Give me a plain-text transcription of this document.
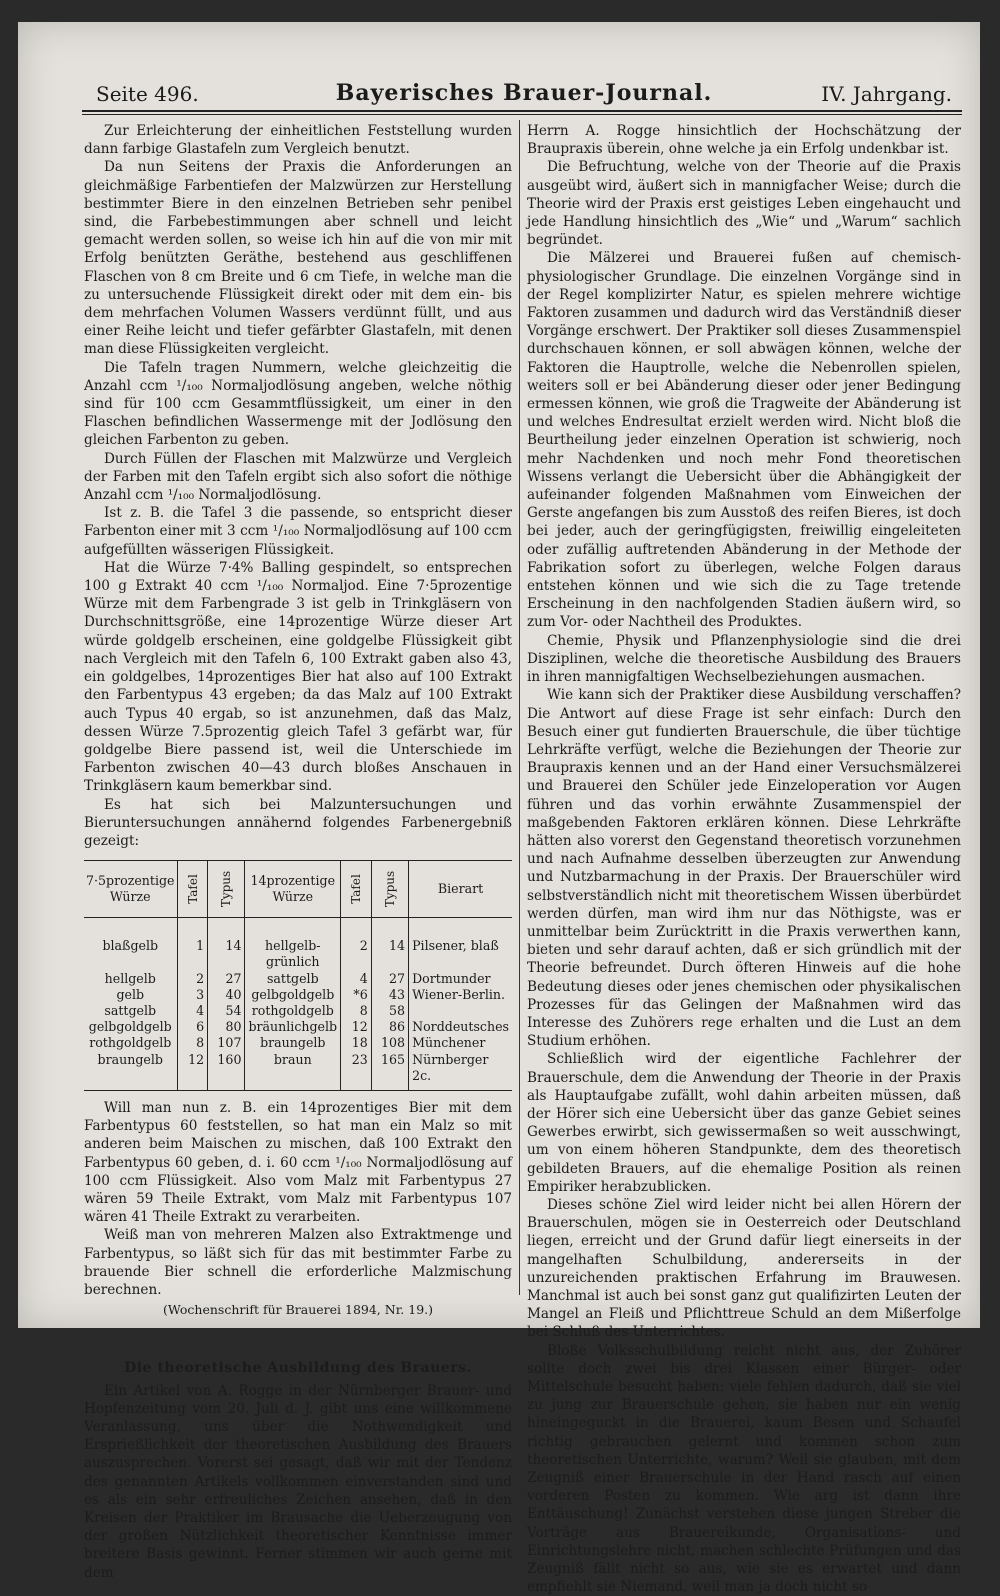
Seite 496.	Bayerisches Brauer-Journal.	IV. Jahrgang.

Zur Erleichterung der einheitlichen Feststellung wurden dann farbige Glastafeln zum Vergleich benutzt.

Da nun Seitens der Praxis die Anforderungen an gleichmäßige Farbentiefen der Malzwürzen zur Herstellung bestimmter Biere in den einzelnen Betrieben sehr penibel sind, die Farbebestimmungen aber schnell und leicht gemacht werden sollen, so weise ich hin auf die von mir mit Erfolg benützten Geräthe, bestehend aus geschliffenen Flaschen von 8 cm Breite und 6 cm Tiefe, in welche man die zu untersuchende Flüssigkeit direkt oder mit dem ein- bis dem mehrfachen Volumen Wassers verdünnt füllt, und aus einer Reihe leicht und tiefer gefärbter Glastafeln, mit denen man diese Flüssigkeiten vergleicht.

Die Tafeln tragen Nummern, welche gleichzeitig die Anzahl ccm ¹/₁₀₀ Normaljodlösung angeben, welche nöthig sind für 100 ccm Gesammtflüssigkeit, um einer in den Flaschen befindlichen Wassermenge mit der Jodlösung den gleichen Farbenton zu geben.

Durch Füllen der Flaschen mit Malzwürze und Vergleich der Farben mit den Tafeln ergibt sich also sofort die nöthige Anzahl ccm ¹/₁₀₀ Normaljodlösung.

Ist z. B. die Tafel 3 die passende, so entspricht dieser Farbenton einer mit 3 ccm ¹/₁₀₀ Normaljodlösung auf 100 ccm aufgefüllten wässerigen Flüssigkeit.

Hat die Würze 7·4% Balling gespindelt, so entsprechen 100 g Extrakt 40 ccm ¹/₁₀₀ Normaljod. Eine 7·5prozentige Würze mit dem Farbengrade 3 ist gelb in Trinkgläsern von Durchschnittsgröße, eine 14prozentige Würze dieser Art würde goldgelb erscheinen, eine goldgelbe Flüssigkeit gibt nach Vergleich mit den Tafeln 6, 100 Extrakt gaben also 43, ein goldgelbes, 14prozentiges Bier hat also auf 100 Extrakt den Farbentypus 43 ergeben; da das Malz auf 100 Extrakt auch Typus 40 ergab, so ist anzunehmen, daß das Malz, dessen Würze 7.5prozentig gleich Tafel 3 gefärbt war, für goldgelbe Biere passend ist, weil die Unterschiede im Farbenton zwischen 40—43 durch bloßes Anschauen in Trinkgläsern kaum bemerkbar sind.

Es hat sich bei Malzuntersuchungen und Bieruntersuchungen annähernd folgendes Farbenergebniß gezeigt:

7·5prozentige Würze	Tafel	Typus	14prozentige Würze	Tafel	Typus	Bierart
blaßgelb	1	14	hellgelb-grünlich	2	14	Pilsener, blaß
hellgelb	2	27	sattgelb	4	27	Dortmunder
gelb	3	40	gelbgoldgelb	*6	43	Wiener-Berlin.
sattgelb	4	54	rothgoldgelb	8	58	
gelbgoldgelb	6	80	bräunlichgelb	12	86	Norddeutsches
rothgoldgelb	8	107	braungelb	18	108	Münchener
braungelb	12	160	braun	23	165	Nürnberger 2c.

Will man nun z. B. ein 14prozentiges Bier mit dem Farbentypus 60 feststellen, so hat man ein Malz so mit anderen beim Maischen zu mischen, daß 100 Extrakt den Farbentypus 60 geben, d. i. 60 ccm ¹/₁₀₀ Normaljodlösung auf 100 ccm Flüssigkeit. Also vom Malz mit Farbentypus 27 wären 59 Theile Extrakt, vom Malz mit Farbentypus 107 wären 41 Theile Extrakt zu verarbeiten.

Weiß man von mehreren Malzen also Extraktmenge und Farbentypus, so läßt sich für das mit bestimmter Farbe zu brauende Bier schnell die erforderliche Malzmischung berechnen.

(Wochenschrift für Brauerei 1894, Nr. 19.)

Die theoretische Ausbildung des Brauers.

Ein Artikel von A. Rogge in der Nürnberger Brauer- und Hopfenzeitung vom 20. Juli d. J. gibt uns eine willkommene Veranlassung, uns über die Nothwendigkeit und Ersprießlichkeit der theoretischen Ausbildung des Brauers auszusprechen. Vorerst sei gesagt, daß wir mit der Tendenz des genannten Artikels vollkommen einverstanden sind und es als ein sehr erfreuliches Zeichen ansehen, daß in den Kreisen der Praktiker im Brausache die Ueberzeugung von der großen Nützlichkeit theoretischer Kenntnisse immer breitere Basis gewinnt. Ferner stimmen wir auch gerne mit dem

Herrn A. Rogge hinsichtlich der Hochschätzung der Braupraxis überein, ohne welche ja ein Erfolg undenkbar ist.

Die Befruchtung, welche von der Theorie auf die Praxis ausgeübt wird, äußert sich in mannigfacher Weise; durch die Theorie wird der Praxis erst geistiges Leben eingehaucht und jede Handlung hinsichtlich des „Wie“ und „Warum“ sachlich begründet.

Die Mälzerei und Brauerei fußen auf chemisch-physiologischer Grundlage. Die einzelnen Vorgänge sind in der Regel komplizirter Natur, es spielen mehrere wichtige Faktoren zusammen und dadurch wird das Verständniß dieser Vorgänge erschwert. Der Praktiker soll dieses Zusammenspiel durchschauen können, er soll abwägen können, welche der Faktoren die Hauptrolle, welche die Nebenrollen spielen, weiters soll er bei Abänderung dieser oder jener Bedingung ermessen können, wie groß die Tragweite der Abänderung ist und welches Endresultat erzielt werden wird. Nicht bloß die Beurtheilung jeder einzelnen Operation ist schwierig, noch mehr Nachdenken und noch mehr Fond theoretischen Wissens verlangt die Uebersicht über die Abhängigkeit der aufeinander folgenden Maßnahmen vom Einweichen der Gerste angefangen bis zum Ausstoß des reifen Bieres, ist doch bei jeder, auch der geringfügigsten, freiwillig eingeleiteten oder zufällig auftretenden Abänderung in der Methode der Fabrikation sofort zu überlegen, welche Folgen daraus entstehen können und wie sich die zu Tage tretende Erscheinung in den nachfolgenden Stadien äußern wird, so zum Vor- oder Nachtheil des Produktes.

Chemie, Physik und Pflanzenphysiologie sind die drei Disziplinen, welche die theoretische Ausbildung des Brauers in ihren mannigfaltigen Wechselbeziehungen ausmachen.

Wie kann sich der Praktiker diese Ausbildung verschaffen? Die Antwort auf diese Frage ist sehr einfach: Durch den Besuch einer gut fundierten Brauerschule, die über tüchtige Lehrkräfte verfügt, welche die Beziehungen der Theorie zur Braupraxis kennen und an der Hand einer Versuchsmälzerei und Brauerei den Schüler jede Einzeloperation vor Augen führen und das vorhin erwähnte Zusammenspiel der maßgebenden Faktoren erklären können. Diese Lehrkräfte hätten also vorerst den Gegenstand theoretisch vorzunehmen und nach Aufnahme desselben überzeugten zur Anwendung und Nutzbarmachung in der Praxis. Der Brauerschüler wird selbstverständlich nicht mit theoretischem Wissen überbürdet werden dürfen, man wird ihm nur das Nöthigste, was er unmittelbar beim Zurücktritt in die Praxis verwerthen kann, bieten und sehr darauf achten, daß er sich gründlich mit der Theorie befreundet. Durch öfteren Hinweis auf die hohe Bedeutung dieses oder jenes chemischen oder physikalischen Prozesses für das Gelingen der Maßnahmen wird das Interesse des Zuhörers rege erhalten und die Lust an dem Studium erhöhen.

Schließlich wird der eigentliche Fachlehrer der Brauerschule, dem die Anwendung der Theorie in der Praxis als Hauptaufgabe zufällt, wohl dahin arbeiten müssen, daß der Hörer sich eine Uebersicht über das ganze Gebiet seines Gewerbes erwirbt, sich gewissermaßen so weit ausschwingt, um von einem höheren Standpunkte, dem des theoretisch gebildeten Brauers, auf die ehemalige Position als reinen Empiriker herabzublicken.

Dieses schöne Ziel wird leider nicht bei allen Hörern der Brauerschulen, mögen sie in Oesterreich oder Deutschland liegen, erreicht und der Grund dafür liegt einerseits in der mangelhaften Schulbildung, andererseits in der unzureichenden praktischen Erfahrung im Brauwesen. Manchmal ist auch bei sonst ganz gut qualifizirten Leuten der Mangel an Fleiß und Pflichttreue Schuld an dem Mißerfolge bei Schluß des Unterrichtes.

Bloße Volksschulbildung reicht nicht aus, der Zuhörer sollte doch zwei bis drei Klassen einer Bürger- oder Mittelschule besucht haben; viele fehlen dadurch, daß sie viel zu jung zur Brauerschule gehen, sie haben nur ein wenig hineingeguckt in die Brauerei, kaum Besen und Schaufel richtig gebrauchen gelernt und kommen schon zum theoretischen Unterrichte, warum? Weil sie glauben, mit dem Zeugniß einer Brauerschule in der Hand rasch auf einen vorderen Posten zu kommen. Wie arg ist dann ihre Enttäuschung! Zunächst verstehen diese jungen Streber die Vorträge aus Brauereikunde, Organisations- und Einrichtungslehre nicht, machen schlechte Prüfungen und das Zeugniß fällt nicht so aus, wie sie es erwartet und dann empfiehlt sie Niemand, weil man ja doch nicht so
